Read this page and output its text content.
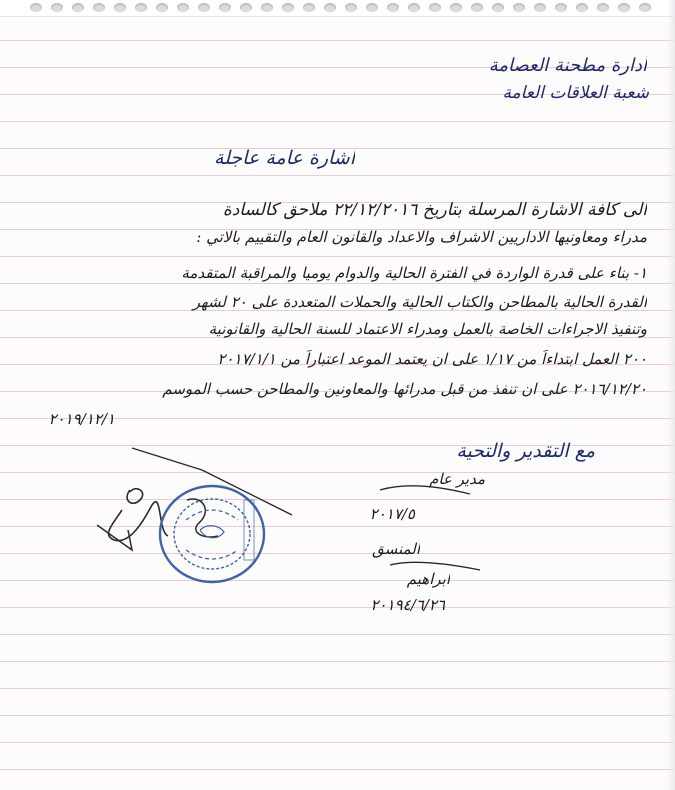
أدارة مطحنة العصامة
شعبة العلاقات العامة
اشارة عامة عاجلة
الى كافة الاشارة المرسلة بتاريخ ٢٢/١٢/٢٠١٦ ملاحق كالسادة
مدراء ومعاونيها الاداريين الاشراف والاعداد والقانون العام والتقييم بالاتي :
١- بناء على قدرة الواردة في الفترة الحالية والدوام يوميا والمراقبة المتقدمة
القدرة الحالية بالمطاحن والكتاب الحالية والحملات المتعددة على ٢٠ لشهر
وتنفيذ الاجراءات الخاصة بالعمل ومدراء الاعتماد للسنة الحالية والقانونية
٢٠٠ العمل ابتداءاً من ١/١٧ على ان يعتمد الموعد اعتباراً من ٢٠١٧/١/١
٢٠١٦/١٢/٢٠ على ان تنفذ من قبل مدرائها والمعاونين والمطاحن حسب الموسم
٢٠١٩/١٢/١
مع التقدير والتحية
مدير عام
٢٠١٧/٥
المنسق
ابراهيم
٢٠١٩٤/٦/٢٦
